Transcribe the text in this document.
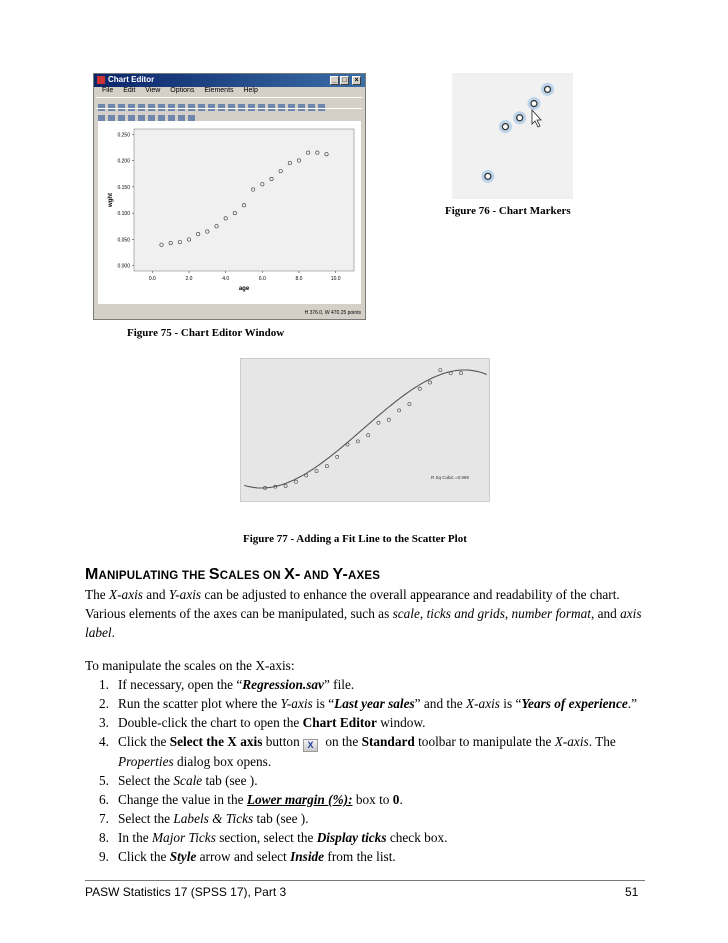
Chart Editor	_ □	×
File Edit View Options Elements Help
0.000
0.050
0.100
0.150
0.200
0.250
0.0	2.0	4.0	6.0	8.0	10.0
age
wght
H 376.0, W 470.25 points
Figure 75 - Chart Editor Window
Figure 76 - Chart Markers
R Sq Cubic =0.999
Figure 77 - Adding a Fit Line to the Scatter Plot
MANIPULATING THE SCALES ON X- AND Y-AXES
The X-axis and Y-axis can be adjusted to enhance the overall appearance and readability of the chart. Various elements of the axes can be manipulated, such as scale, ticks and grids, number format, and axis label.
To manipulate the scales on the X-axis:
1. If necessary, open the “Regression.sav” file.
2. Run the scatter plot where the Y-axis is “Last year sales” and the X-axis is “Years of experience.”
3. Double-click the chart to open the Chart Editor window.
4. Click the Select the X axis button X on the Standard toolbar to manipulate the X-axis. The Properties dialog box opens.
5. Select the Scale tab (see ).
6. Change the value in the Lower margin (%): box to 0.
7. Select the Labels & Ticks tab (see ).
8. In the Major Ticks section, select the Display ticks check box.
9. Click the Style arrow and select Inside from the list.
PASW Statistics 17 (SPSS 17), Part 3	51
